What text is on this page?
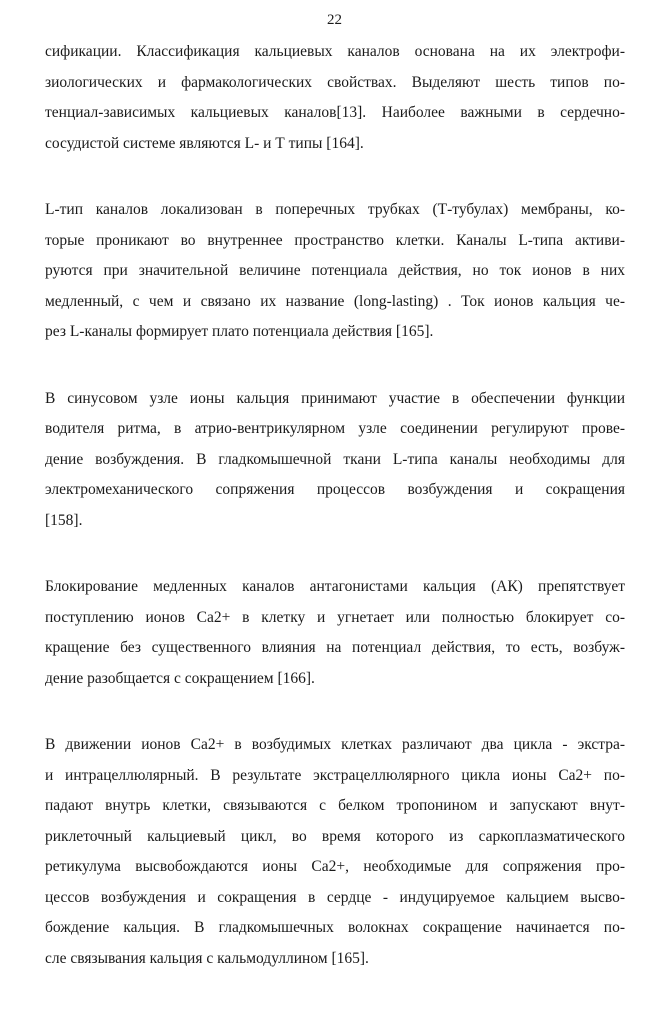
22

сификации. Классификация кальциевых каналов основана на их электрофи-
зиологических и фармакологических свойствах. Выделяют шесть типов по-
тенциал-зависимых кальциевых каналов[13]. Наиболее важными в сердечно-
сосудистой системе являются L- и Т типы [164].

L-тип каналов локализован в поперечных трубках (Т-тубулах) мембраны, ко-
торые проникают во внутреннее пространство клетки. Каналы L-типа активи-
руются при значительной величине потенциала действия, но ток ионов в них
медленный, с чем и связано их название (long-lasting) . Ток ионов кальция че-
рез L-каналы формирует плато потенциала действия [165].

В синусовом узле ионы кальция принимают участие в обеспечении функции
водителя ритма, в атрио-вентрикулярном узле соединении регулируют прове-
дение возбуждения. В гладкомышечной ткани L-типа каналы необходимы для
электромеханического сопряжения процессов возбуждения и сокращения
[158].

Блокирование медленных каналов антагонистами кальция (АК) препятствует
поступлению ионов Са2+ в клетку и угнетает или полностью блокирует со-
кращение без существенного влияния на потенциал действия, то есть, возбуж-
дение разобщается с сокращением [166].

В движении ионов Са2+ в возбудимых клетках различают два цикла - экстра-
и интрацеллюлярный. В результате экстрацеллюлярного цикла ионы Са2+ по-
падают внутрь клетки, связываются с белком тропонином и запускают внут-
риклеточный кальциевый цикл, во время которого из саркоплазматического
ретикулума высвобождаются ионы Са2+, необходимые для сопряжения про-
цессов возбуждения и сокращения в сердце - индуцируемое кальцием высво-
бождение кальция. В гладкомышечных волокнах сокращение начинается по-
сле связывания кальция с кальмодуллином [165].
